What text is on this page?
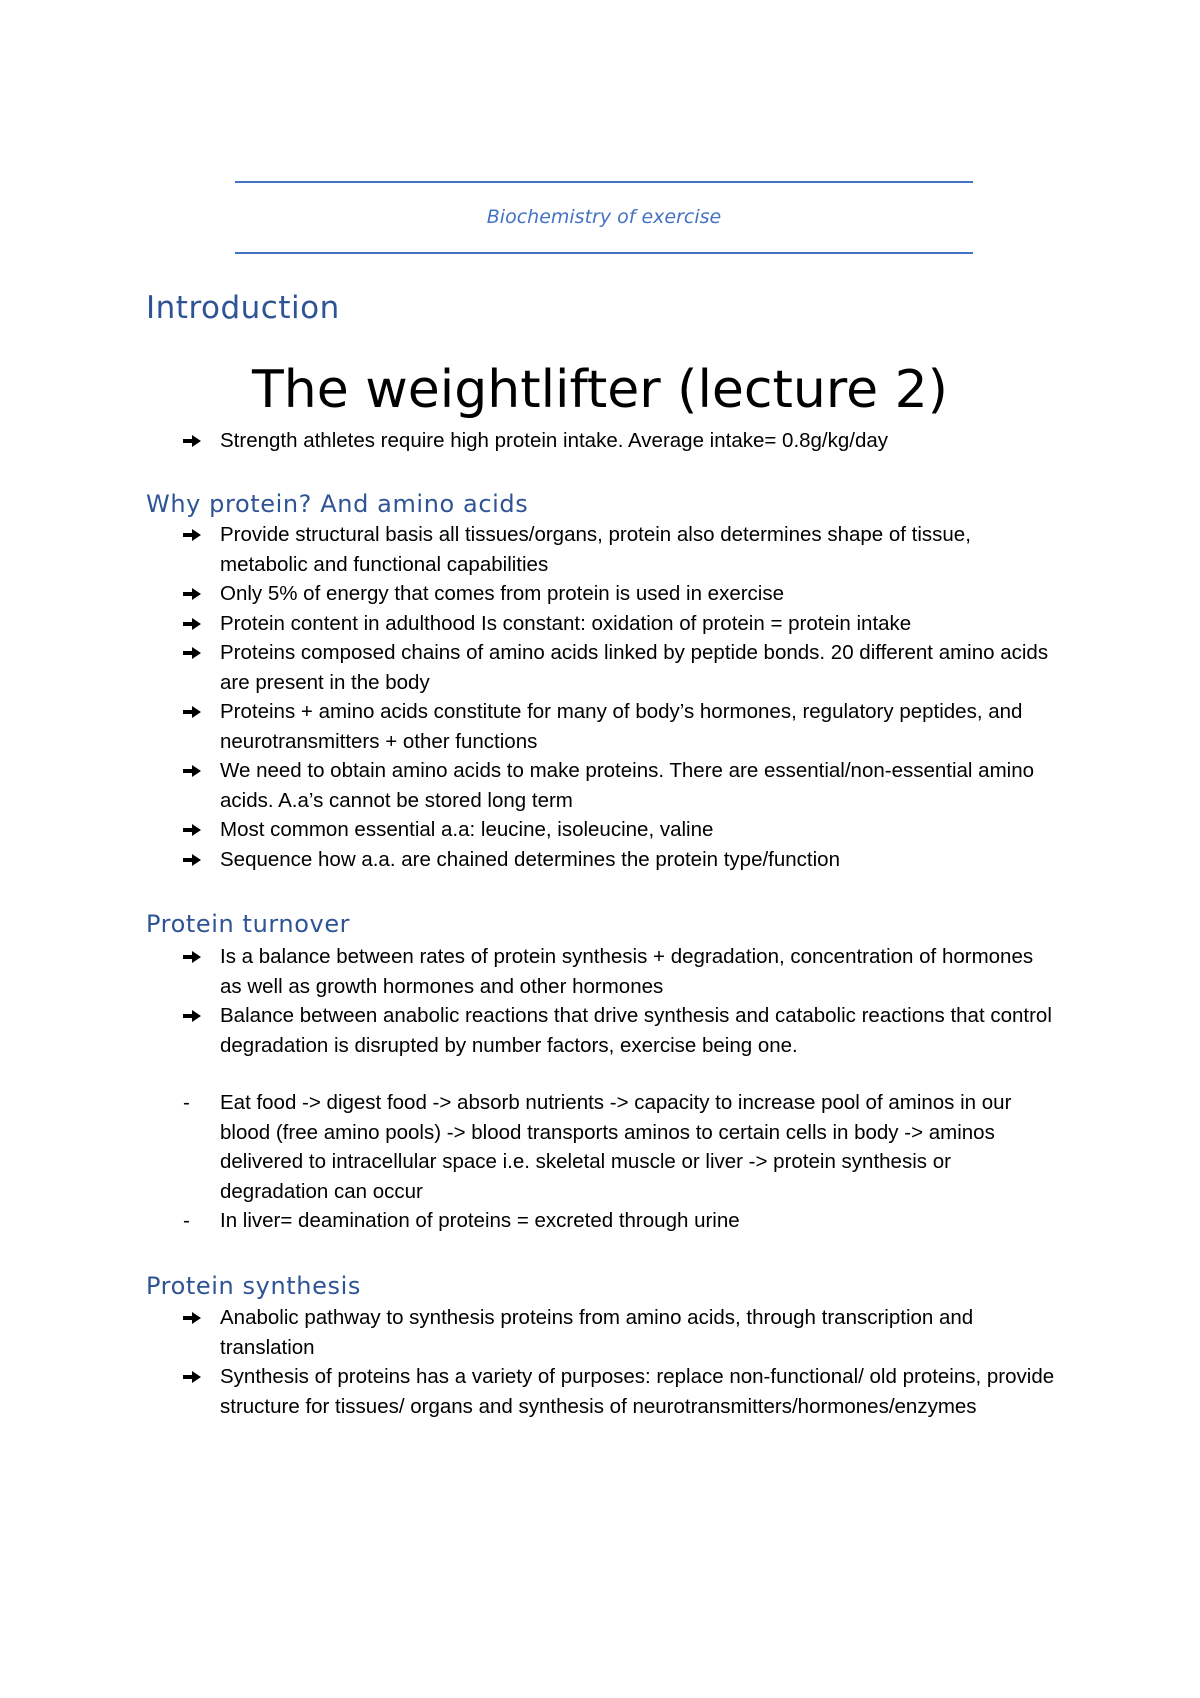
Biochemistry of exercise
Introduction
The weightlifter (lecture 2)
Strength athletes require high protein intake. Average intake= 0.8g/kg/day
Why protein? And amino acids
Provide structural basis all tissues/organs, protein also determines shape of tissue, metabolic and functional capabilities
Only 5% of energy that comes from protein is used in exercise
Protein content in adulthood Is constant: oxidation of protein = protein intake
Proteins composed chains of amino acids linked by peptide bonds. 20 different amino acids are present in the body
Proteins + amino acids constitute for many of body’s hormones, regulatory peptides, and neurotransmitters + other functions
We need to obtain amino acids to make proteins. There are essential/non-essential amino acids. A.a’s cannot be stored long term
Most common essential a.a: leucine, isoleucine, valine
Sequence how a.a. are chained determines the protein type/function
Protein turnover
Is a balance between rates of protein synthesis + degradation, concentration of hormones as well as growth hormones and other hormones
Balance between anabolic reactions that drive synthesis and catabolic reactions that control degradation is disrupted by number factors, exercise being one.
- Eat food -> digest food -> absorb nutrients -> capacity to increase pool of aminos in our blood (free amino pools) -> blood transports aminos to certain cells in body -> aminos delivered to intracellular space i.e. skeletal muscle or liver -> protein synthesis or degradation can occur
- In liver= deamination of proteins = excreted through urine
Protein synthesis
Anabolic pathway to synthesis proteins from amino acids, through transcription and translation
Synthesis of proteins has a variety of purposes: replace non-functional/ old proteins, provide structure for tissues/ organs and synthesis of neurotransmitters/hormones/enzymes
